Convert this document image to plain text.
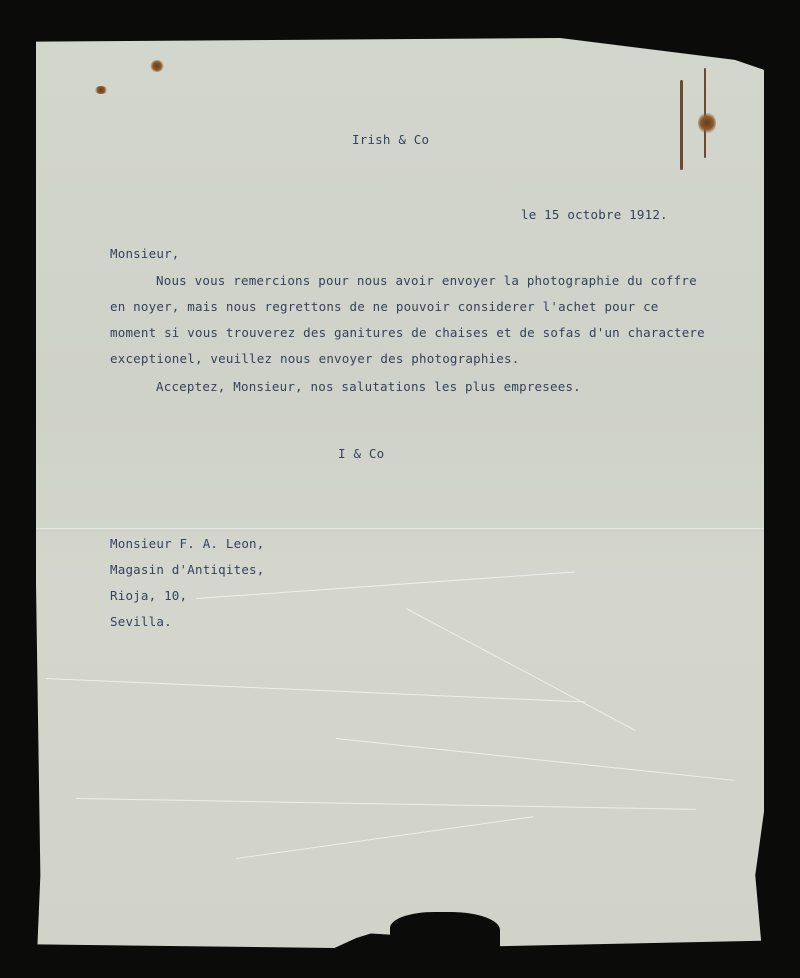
Irish & Co
le 15 octobre 1912.
Monsieur,
Nous vous remercions pour nous avoir envoyer la photographie du coffre
en noyer, mais nous regrettons de ne pouvoir considerer l'achet pour ce
moment si vous trouverez des ganitures de chaises et de sofas d'un charactere
exceptionel, veuillez nous envoyer des photographies.
Acceptez, Monsieur, nos salutations les plus empresees.
I & Co
Monsieur F. A. Leon,
Magasin d'Antiqites,
Rioja, 10,
Sevilla.
